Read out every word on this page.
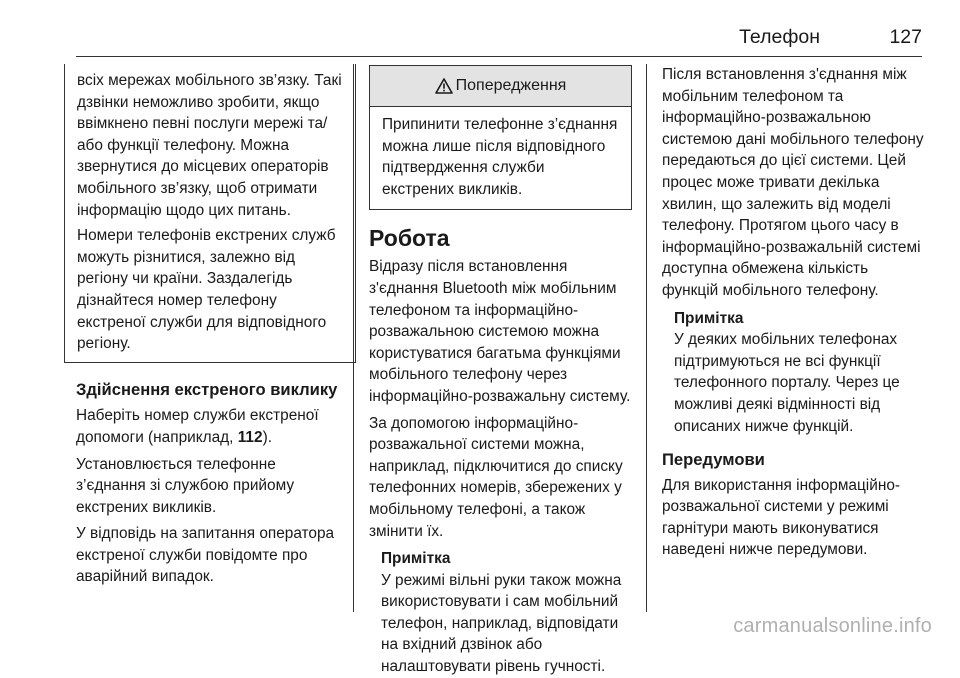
Телефон	127

всіх мережах мобільного зв’язку. Такі дзвінки неможливо зробити, якщо ввімкнено певні послуги мережі та/або функції телефону. Можна звернутися до місцевих операторів мобільного зв’язку, щоб отримати інформацію щодо цих питань.

Номери телефонів екстрених служб можуть різнитися, залежно від регіону чи країни. Заздалегідь дізнайтеся номер телефону екстреної служби для відповідного регіону.

Здійснення екстреного виклику

Наберіть номер служби екстреної допомоги (наприклад, 112).

Установлюється телефонне з’єднання зі службою прийому екстрених викликів.

У відповідь на запитання оператора екстреної служби повідомте про аварійний випадок.

Попередження
Припинити телефонне з’єднання можна лише після відповідного підтвердження служби екстрених викликів.
Робота

Відразу після встановлення з'єднання Bluetooth між мобільним телефоном та інформаційно-розважальною системою можна користуватися багатьма функціями мобільного телефону через інформаційно-розважальну систему.

За допомогою інформаційно-розважальної системи можна, наприклад, підключитися до списку телефонних номерів, збережених у мобільному телефоні, а також змінити їх.

Примітка
У режимі вільні руки також можна використовувати і сам мобільний телефон, наприклад, відповідати на вхідний дзвінок або налаштовувати рівень гучності.

Після встановлення з'єднання між мобільним телефоном та інформаційно-розважальною системою дані мобільного телефону передаються до цієї системи. Цей процес може тривати декілька хвилин, що залежить від моделі телефону. Протягом цього часу в інформаційно-розважальній системі доступна обмежена кількість функцій мобільного телефону.

Примітка
У деяких мобільних телефонах підтримуються не всі функції телефонного порталу. Через це можливі деякі відмінності від описаних нижче функцій.
Передумови

Для використання інформаційно-розважальної системи у режимі гарнітури мають виконуватися наведені нижче передумови.

carmanualsonline.info
